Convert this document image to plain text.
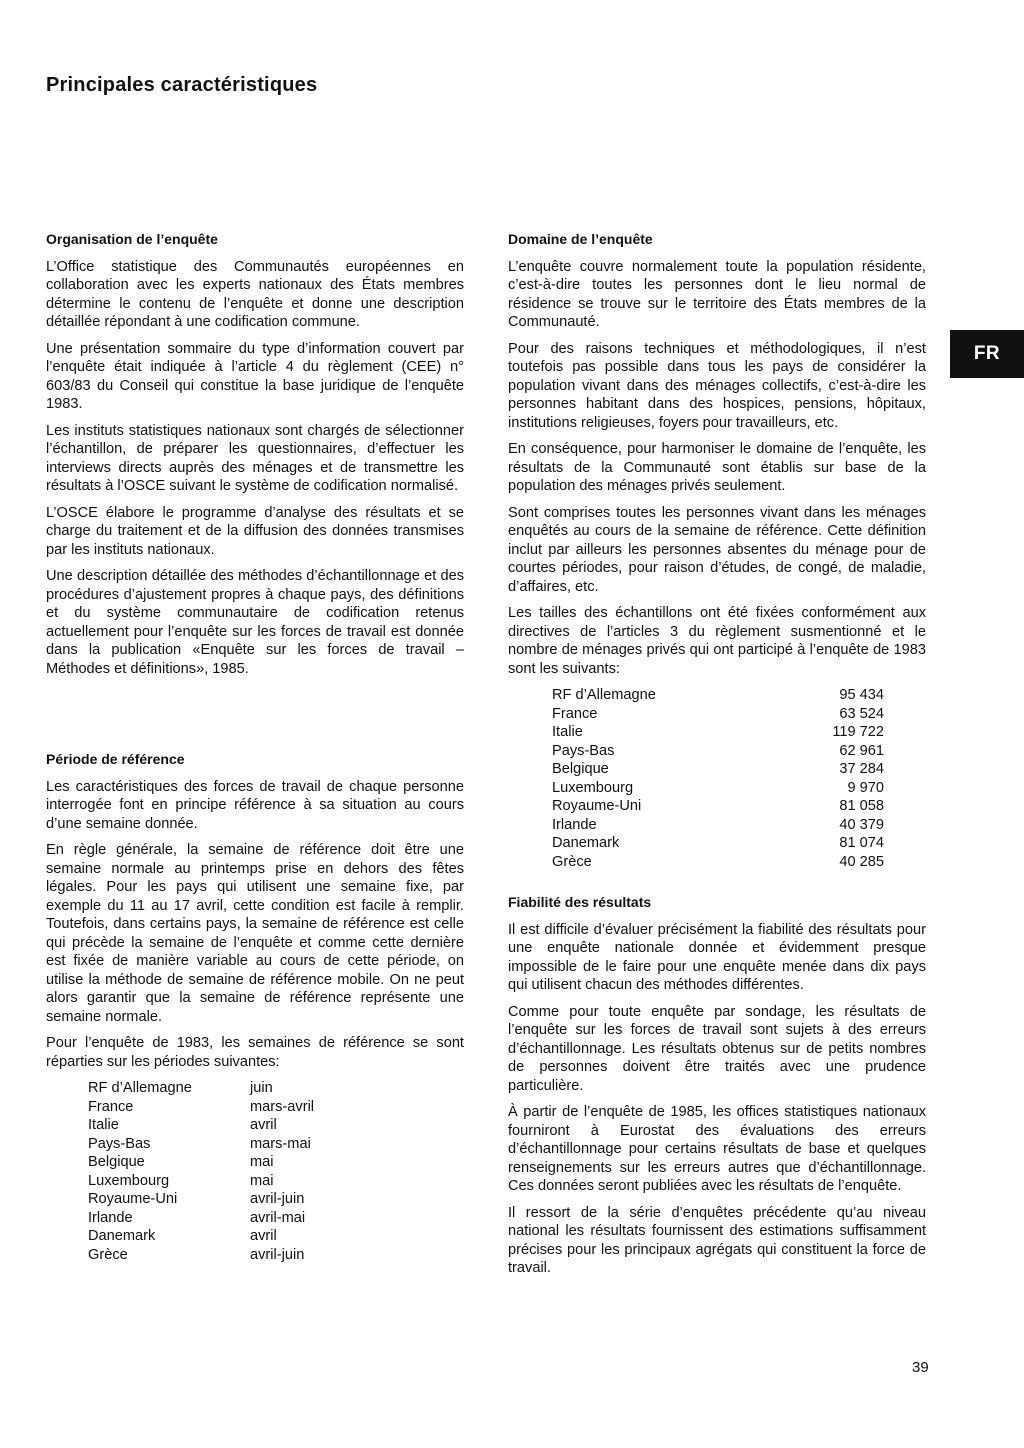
Principales caractéristiques
FR
Organisation de l’enquête

L’Office statistique des Communautés européennes en collaboration avec les experts nationaux des États membres détermine le contenu de l’enquête et donne une description détaillée répondant à une codification commune.

Une présentation sommaire du type d’information couvert par l’enquête était indiquée à l’article 4 du règlement (CEE) n° 603/83 du Conseil qui constitue la base juridique de l’enquête 1983.

Les instituts statistiques nationaux sont chargés de sélectionner l’échantillon, de préparer les questionnaires, d’effectuer les interviews directs auprès des ménages et de transmettre les résultats à l’OSCE suivant le système de codification normalisé.

L’OSCE élabore le programme d’analyse des résultats et se charge du traitement et de la diffusion des données transmises par les instituts nationaux.

Une description détaillée des méthodes d’échantillonnage et des procédures d’ajustement propres à chaque pays, des définitions et du système communautaire de codification retenus actuellement pour l’enquête sur les forces de travail est donnée dans la publication «Enquête sur les forces de travail – Méthodes et définitions», 1985.

Période de référence

Les caractéristiques des forces de travail de chaque personne interrogée font en principe référence à sa situation au cours d’une semaine donnée.

En règle générale, la semaine de référence doit être une semaine normale au printemps prise en dehors des fêtes légales. Pour les pays qui utilisent une semaine fixe, par exemple du 11 au 17 avril, cette condition est facile à remplir. Toutefois, dans certains pays, la semaine de référence est celle qui précède la semaine de l’enquête et comme cette dernière est fixée de manière variable au cours de cette période, on utilise la méthode de semaine de référence mobile. On ne peut alors garantir que la semaine de référence représente une semaine normale.

Pour l’enquête de 1983, les semaines de référence se sont réparties sur les périodes suivantes:

RF d’Allemagne	juin
France	mars-avril
Italie	avril
Pays-Bas	mars-mai
Belgique	mai
Luxembourg	mai
Royaume-Uni	avril-juin
Irlande	avril-mai
Danemark	avril
Grèce	avril-juin
Domaine de l’enquête

L’enquête couvre normalement toute la population résidente, c’est-à-dire toutes les personnes dont le lieu normal de résidence se trouve sur le territoire des États membres de la Communauté.

Pour des raisons techniques et méthodologiques, il n’est toutefois pas possible dans tous les pays de considérer la population vivant dans des ménages collectifs, c’est-à-dire les personnes habitant dans des hospices, pensions, hôpitaux, institutions religieuses, foyers pour travailleurs, etc.

En conséquence, pour harmoniser le domaine de l’enquête, les résultats de la Communauté sont établis sur base de la population des ménages privés seulement.

Sont comprises toutes les personnes vivant dans les ménages enquêtés au cours de la semaine de référence. Cette définition inclut par ailleurs les personnes absentes du ménage pour de courtes périodes, pour raison d’études, de congé, de maladie, d’affaires, etc.

Les tailles des échantillons ont été fixées conformément aux directives de l’articles 3 du règlement susmentionné et le nombre de ménages privés qui ont participé à l’enquête de 1983 sont les suivants:

RF d’Allemagne	95 434
France	63 524
Italie	119 722
Pays-Bas	62 961
Belgique	37 284
Luxembourg	9 970
Royaume-Uni	81 058
Irlande	40 379
Danemark	81 074
Grèce	40 285
Fiabilité des résultats

Il est difficile d’évaluer précisément la fiabilité des résultats pour une enquête nationale donnée et évidemment presque impossible de le faire pour une enquête menée dans dix pays qui utilisent chacun des méthodes différentes.

Comme pour toute enquête par sondage, les résultats de l’enquête sur les forces de travail sont sujets à des erreurs d’échantillonnage. Les résultats obtenus sur de petits nombres de personnes doivent être traités avec une prudence particulière.

À partir de l’enquête de 1985, les offices statistiques nationaux fourniront à Eurostat des évaluations des erreurs d’échantillonnage pour certains résultats de base et quelques renseignements sur les erreurs autres que d’échantillonnage. Ces données seront publiées avec les résultats de l’enquête.

Il ressort de la série d’enquêtes précédente qu’au niveau national les résultats fournissent des estimations suffisamment précises pour les principaux agrégats qui constituent la force de travail.

39
